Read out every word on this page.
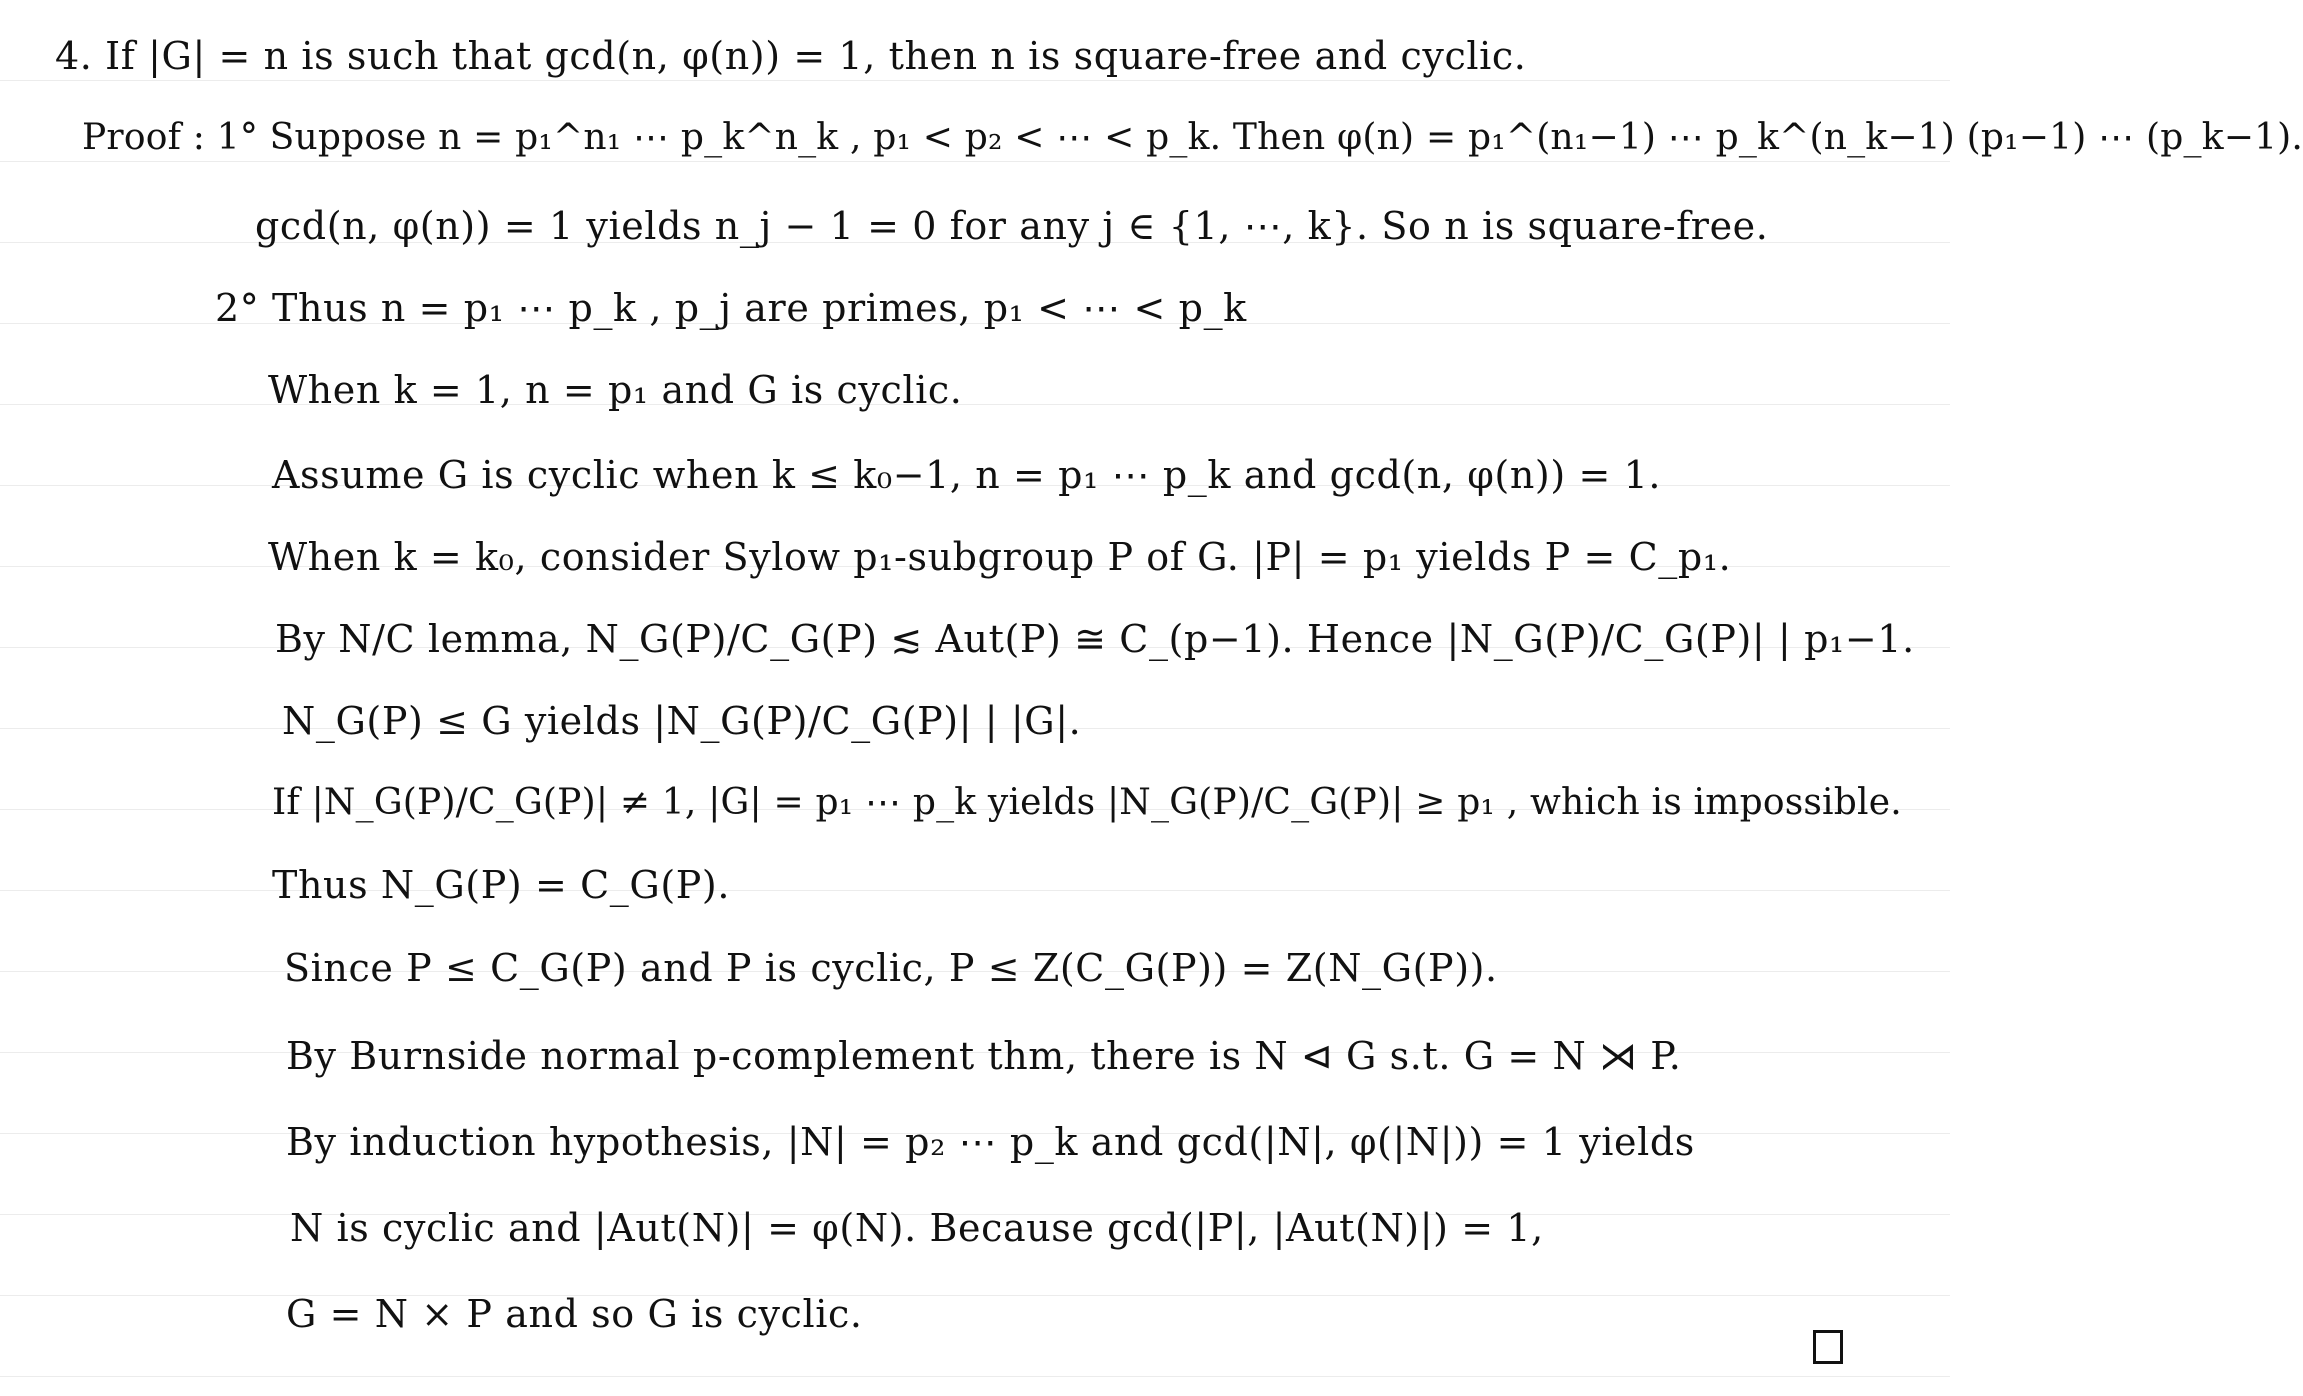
4. If |G| = n is such that gcd(n, φ(n)) = 1, then n is square-free and cyclic.
Proof : 1° Suppose n = p₁^n₁ ⋯ p_k^n_k , p₁ < p₂ < ⋯ < p_k. Then φ(n) = p₁^(n₁−1) ⋯ p_k^(n_k−1) (p₁−1) ⋯ (p_k−1).
gcd(n, φ(n)) = 1 yields n_j − 1 = 0 for any j ∈ {1, ⋯, k}. So n is square-free.
2° Thus n = p₁ ⋯ p_k , p_j are primes, p₁ < ⋯ < p_k
When k = 1, n = p₁ and G is cyclic.
Assume G is cyclic when k ≤ k₀−1, n = p₁ ⋯ p_k and gcd(n, φ(n)) = 1.
When k = k₀, consider Sylow p₁-subgroup P of G. |P| = p₁ yields P = C_p₁.
By N/C lemma, N_G(P)/C_G(P) ≲ Aut(P) ≅ C_(p−1). Hence |N_G(P)/C_G(P)| | p₁−1.
N_G(P) ≤ G yields |N_G(P)/C_G(P)| | |G|.
If |N_G(P)/C_G(P)| ≠ 1, |G| = p₁ ⋯ p_k yields |N_G(P)/C_G(P)| ≥ p₁ , which is impossible.
Thus N_G(P) = C_G(P).
Since P ≤ C_G(P) and P is cyclic, P ≤ Z(C_G(P)) = Z(N_G(P)).
By Burnside normal p-complement thm, there is N ⊲ G s.t. G = N ⋊ P.
By induction hypothesis, |N| = p₂ ⋯ p_k and gcd(|N|, φ(|N|)) = 1 yields
N is cyclic and |Aut(N)| = φ(N). Because gcd(|P|, |Aut(N)|) = 1,
G = N × P and so G is cyclic.
